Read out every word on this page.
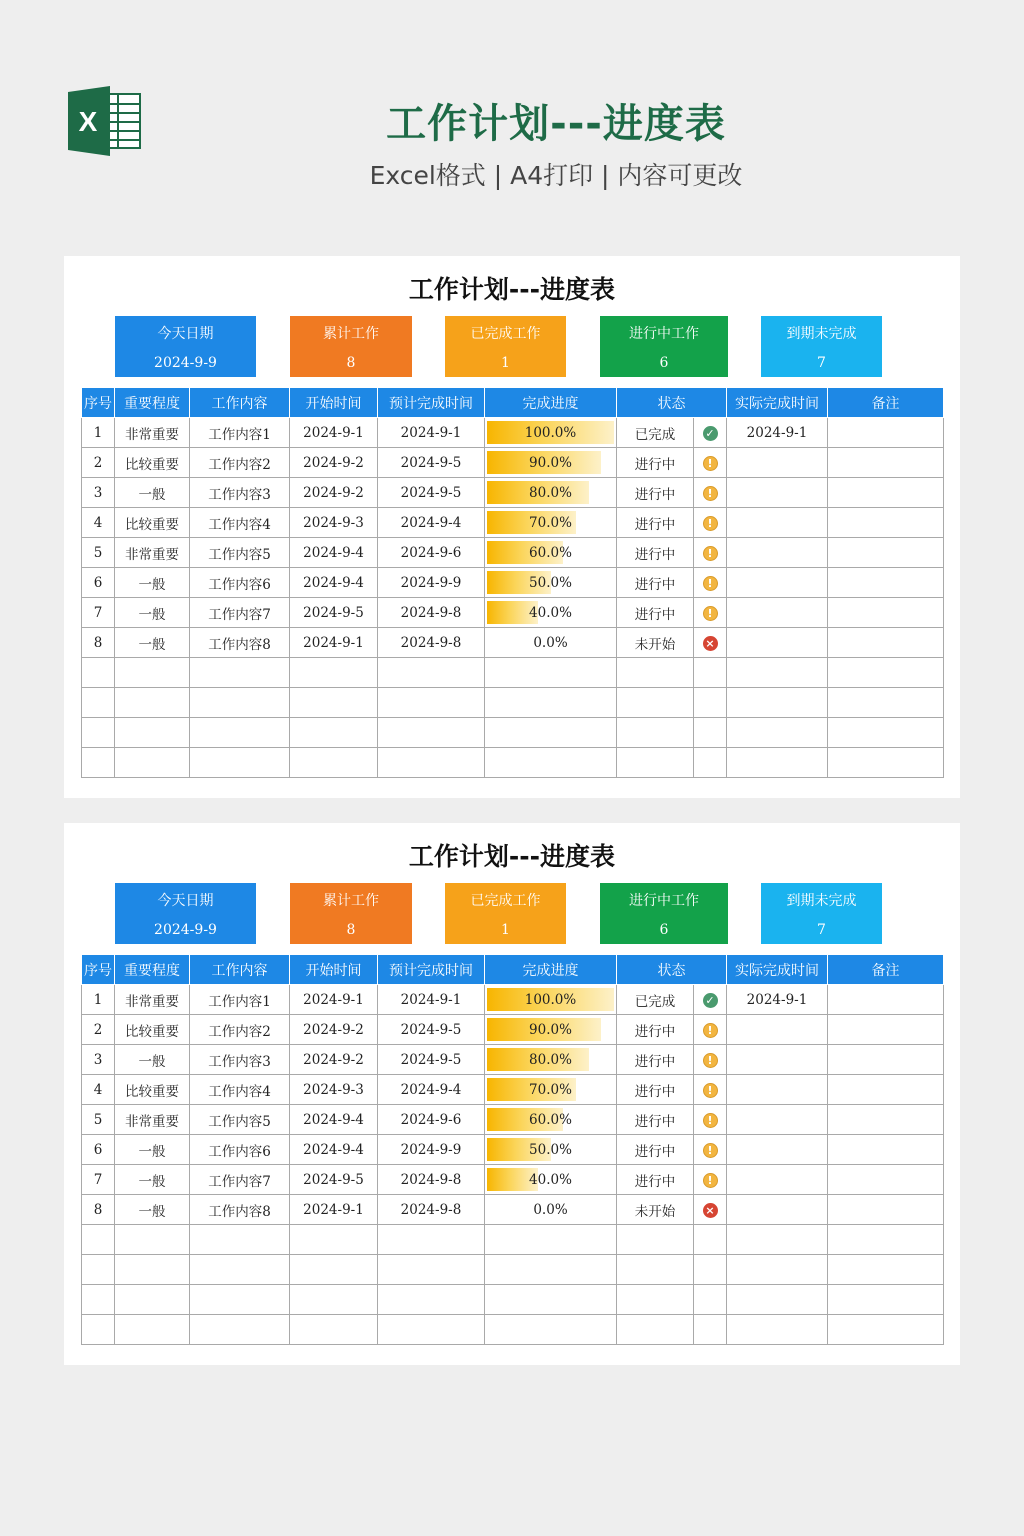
X	工作计划---进度表
Excel格式 | A4打印 | 内容可更改
工作计划---进度表
今天日期
2024-9-9
累计工作
8
已完成工作
1
进行中工作
6
到期未完成
7
序号	重要程度	工作内容	开始时间	预计完成时间	完成进度	状态		实际完成时间	备注
1	非常重要	工作内容1	2024-9-1	2024-9-1	100.0%	已完成	✓	2024-9-1	
2	比较重要	工作内容2	2024-9-2	2024-9-5	90.0%	进行中	!		
3	一般	工作内容3	2024-9-2	2024-9-5	80.0%	进行中	!		
4	比较重要	工作内容4	2024-9-3	2024-9-4	70.0%	进行中	!		
5	非常重要	工作内容5	2024-9-4	2024-9-6	60.0%	进行中	!		
6	一般	工作内容6	2024-9-4	2024-9-9	50.0%	进行中	!		
7	一般	工作内容7	2024-9-5	2024-9-8	40.0%	进行中	!		
8	一般	工作内容8	2024-9-1	2024-9-8	0.0%	未开始	×		

工作计划---进度表
今天日期
2024-9-9
累计工作
8
已完成工作
1
进行中工作
6
到期未完成
7
序号	重要程度	工作内容	开始时间	预计完成时间	完成进度	状态		实际完成时间	备注
1	非常重要	工作内容1	2024-9-1	2024-9-1	100.0%	已完成	✓	2024-9-1	
2	比较重要	工作内容2	2024-9-2	2024-9-5	90.0%	进行中	!		
3	一般	工作内容3	2024-9-2	2024-9-5	80.0%	进行中	!		
4	比较重要	工作内容4	2024-9-3	2024-9-4	70.0%	进行中	!		
5	非常重要	工作内容5	2024-9-4	2024-9-6	60.0%	进行中	!		
6	一般	工作内容6	2024-9-4	2024-9-9	50.0%	进行中	!		
7	一般	工作内容7	2024-9-5	2024-9-8	40.0%	进行中	!		
8	一般	工作内容8	2024-9-1	2024-9-8	0.0%	未开始	×		
